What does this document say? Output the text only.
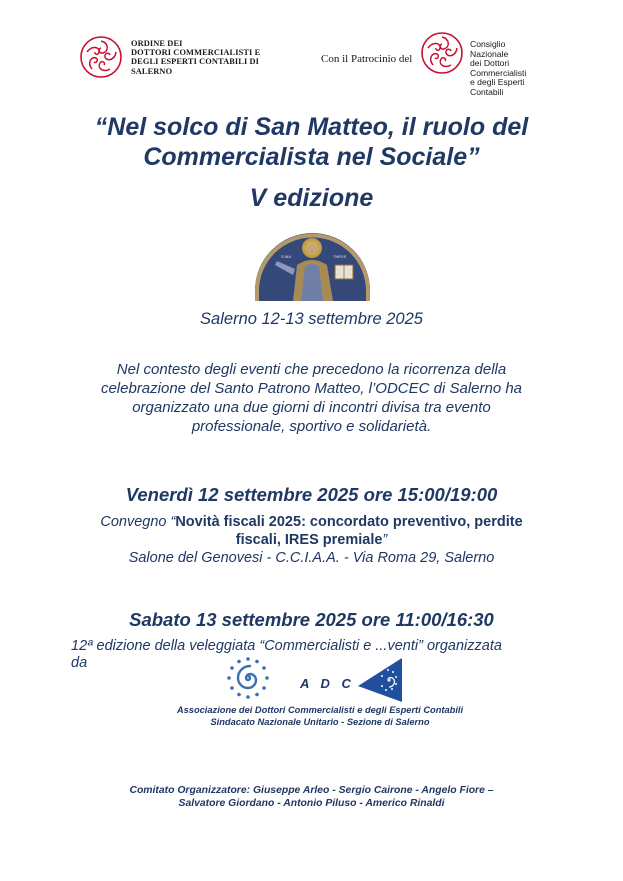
ORDINE DEI
DOTTORI COMMERCIALISTI E
DEGLI ESPERTI CONTABILI DI
SALERNO
Con il Patrocinio del
Consiglio Nazionale
dei Dottori Commercialisti
e degli Esperti Contabili
“Nel solco di San Matteo, il ruolo del
Commercialista nel Sociale”
V edizione
S·MA	THEVS
Salerno 12-13 settembre 2025
Nel contesto degli eventi che precedono la ricorrenza della
celebrazione del Santo Patrono Matteo, l’ODCEC di Salerno ha
organizzato una due giorni di incontri divisa tra evento
professionale, sportivo e solidarietà.
Venerdì 12 settembre 2025 ore 15:00/19:00
Convegno “Novità fiscali 2025: concordato preventivo, perdite
fiscali, IRES premiale”
Salone del Genovesi - C.C.I.A.A. - Via Roma 29, Salerno
Sabato 13 settembre 2025 ore 11:00/16:30
12ª edizione della veleggiata “Commercialisti e ...venti” organizzata
da
A D C
Associazione dei Dottori Commercialisti e degli Esperti Contabili
Sindacato Nazionale Unitario - Sezione di Salerno
Comitato Organizzatore: Giuseppe Arleo - Sergio Cairone - Angelo Fiore –
Salvatore Giordano - Antonio Piluso - Americo Rinaldi
